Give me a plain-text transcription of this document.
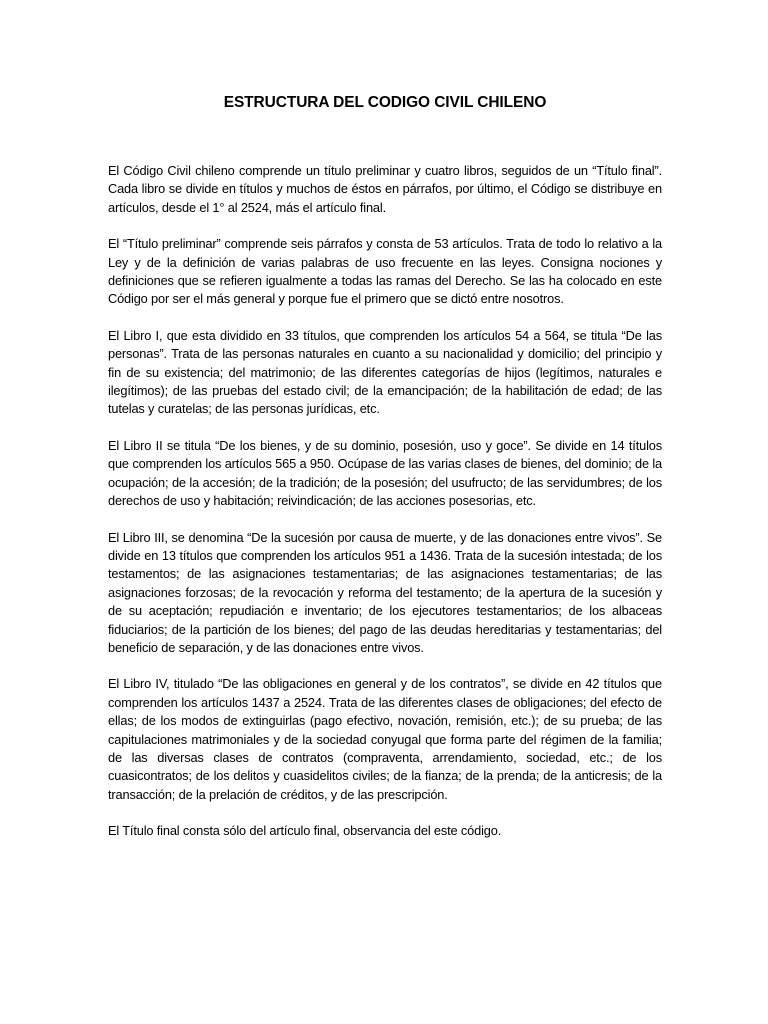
ESTRUCTURA DEL CODIGO CIVIL CHILENO

El Código Civil chileno comprende un título preliminar y cuatro libros, seguidos de un “Título final”. Cada libro se divide en títulos y muchos de éstos en párrafos, por último, el Código se distribuye en artículos, desde el 1° al 2524, más el artículo final.

El “Título preliminar” comprende seis párrafos y consta de 53 artículos. Trata de todo lo relativo a la Ley y de la definición de varias palabras de uso frecuente en las leyes. Consigna nociones y definiciones que se refieren igualmente a todas las ramas del Derecho. Se las ha colocado en este Código por ser el más general y porque fue el primero que se dictó entre nosotros.

El Libro I, que esta dividido en 33 títulos, que comprenden los artículos 54 a 564, se titula “De las personas”. Trata de las personas naturales en cuanto a su nacionalidad y domicilio; del principio y fin de su existencia; del matrimonio; de las diferentes categorías de hijos (legítimos, naturales e ilegítimos); de las pruebas del estado civil; de la emancipación; de la habilitación de edad; de las tutelas y curatelas; de las personas jurídicas, etc.

El Libro II se titula “De los bienes, y de su dominio, posesión, uso y goce”. Se divide en 14 títulos que comprenden los artículos 565 a 950. Ocúpase de las varias clases de bienes, del dominio; de la ocupación; de la accesión; de la tradición; de la posesión; del usufructo; de las servidumbres; de los derechos de uso y habitación; reivindicación; de las acciones posesorias, etc.

El Libro III, se denomina “De la sucesión por causa de muerte, y de las donaciones entre vivos”. Se divide en 13 títulos que comprenden los artículos 951 a 1436. Trata de la sucesión intestada; de los testamentos; de las asignaciones testamentarias; de las asignaciones testamentarias; de las asignaciones forzosas; de la revocación y reforma del testamento; de la apertura de la sucesión y de su aceptación; repudiación e inventario; de los ejecutores testamentarios; de los albaceas fiduciarios; de la partición de los bienes; del pago de las deudas hereditarias y testamentarias; del beneficio de separación, y de las donaciones entre vivos.

El Libro IV, titulado “De las obligaciones en general y de los contratos”, se divide en 42 títulos que comprenden los artículos 1437 a 2524. Trata de las diferentes clases de obligaciones; del efecto de ellas; de los modos de extinguirlas (pago efectivo, novación, remisión, etc.); de su prueba; de las capitulaciones matrimoniales y de la sociedad conyugal que forma parte del régimen de la familia; de las diversas clases de contratos (compraventa, arrendamiento, sociedad, etc.; de los cuasicontratos; de los delitos y cuasidelitos civiles; de la fianza; de la prenda; de la anticresis; de la transacción; de la prelación de créditos, y de las prescripción.

El Título final consta sólo del artículo final, observancia del este código.
